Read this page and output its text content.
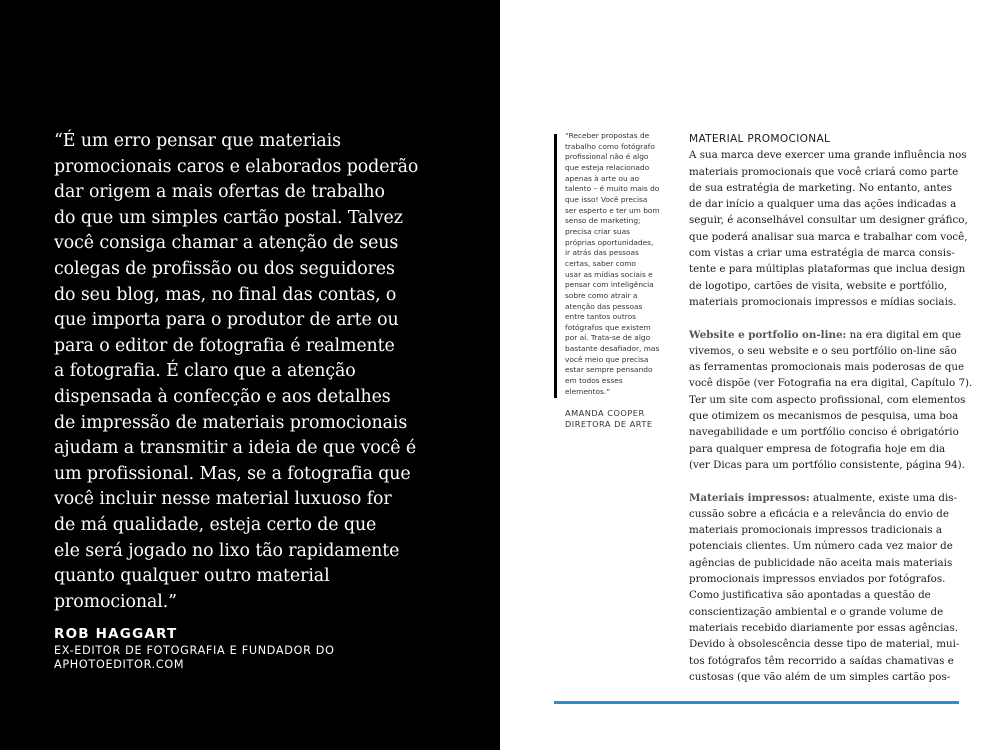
“É um erro pensar que materiais
promocionais caros e elaborados poderão
dar origem a mais ofertas de trabalho
do que um simples cartão postal. Talvez
você consiga chamar a atenção de seus
colegas de profissão ou dos seguidores
do seu blog, mas, no final das contas, o
que importa para o produtor de arte ou
para o editor de fotografia é realmente
a fotografia. É claro que a atenção
dispensada à confecção e aos detalhes
de impressão de materiais promocionais
ajudam a transmitir a ideia de que você é
um profissional. Mas, se a fotografia que
você incluir nesse material luxuoso for
de má qualidade, esteja certo de que
ele será jogado no lixo tão rapidamente
quanto qualquer outro material
promocional.”
ROB HAGGART
EX-EDITOR DE FOTOGRAFIA E FUNDADOR DO
APHOTOEDITOR.COM
“Receber propostas de
trabalho como fotógrafo
profissional não é algo
que esteja relacionado
apenas à arte ou ao
talento – é muito mais do
que isso! Você precisa
ser esperto e ter um bom
senso de marketing;
precisa criar suas
próprias oportunidades,
ir atrás das pessoas
certas, saber como
usar as mídias sociais e
pensar com inteligência
sobre como atrair a
atenção das pessoas
entre tantos outros
fotógrafos que existem
por aí. Trata-se de algo
bastante desafiador, mas
você meio que precisa
estar sempre pensando
em todos esses
elementos.”
AMANDA COOPER
DIRETORA DE ARTE
MATERIAL PROMOCIONAL
A sua marca deve exercer uma grande influência nos
materiais promocionais que você criará como parte
de sua estratégia de marketing. No entanto, antes
de dar início a qualquer uma das ações indicadas a
seguir, é aconselhável consultar um designer gráfico,
que poderá analisar sua marca e trabalhar com você,
com vistas a criar uma estratégia de marca consis-
tente e para múltiplas plataformas que inclua design
de logotipo, cartões de visita, website e portfólio,
materiais promocionais impressos e mídias sociais.
Website e portfolio on-line: na era digital em que
vivemos, o seu website e o seu portfólio on-line são
as ferramentas promocionais mais poderosas de que
você dispõe (ver Fotografia na era digital, Capítulo 7).
Ter um site com aspecto profissional, com elementos
que otimizem os mecanismos de pesquisa, uma boa
navegabilidade e um portfólio conciso é obrigatório
para qualquer empresa de fotografia hoje em dia
(ver Dicas para um portfólio consistente, página 94).
Materiais impressos: atualmente, existe uma dis-
cussão sobre a eficácia e a relevância do envio de
materiais promocionais impressos tradicionais a
potenciais clientes. Um número cada vez maior de
agências de publicidade não aceita mais materiais
promocionais impressos enviados por fotógrafos.
Como justificativa são apontadas a questão de
conscientização ambiental e o grande volume de
materiais recebido diariamente por essas agências.
Devido à obsolescência desse tipo de material, mui-
tos fotógrafos têm recorrido a saídas chamativas e
custosas (que vão além de um simples cartão pos-
